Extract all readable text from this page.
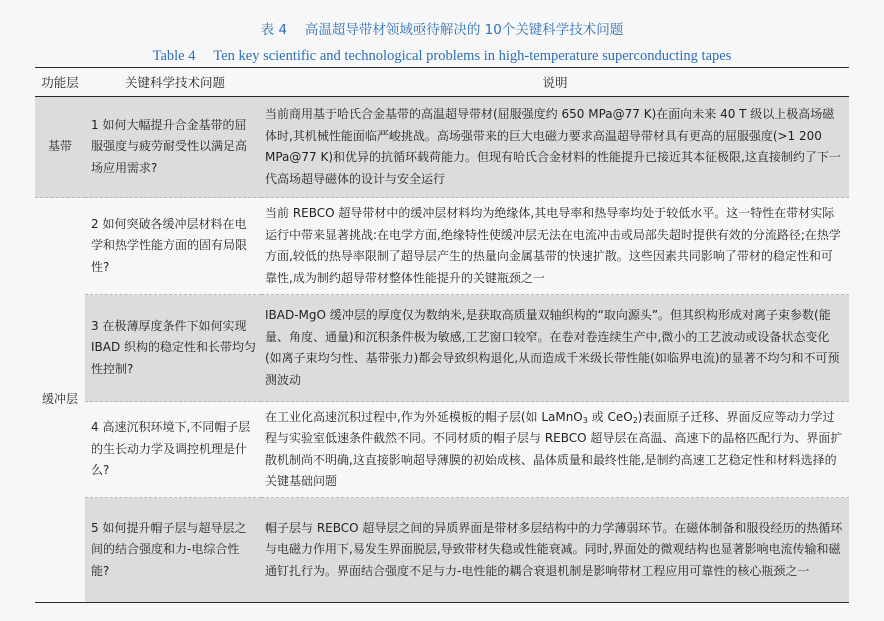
表 4　 高温超导带材领域亟待解决的 10个关键科学技术问题
Table 4　 Ten key scientific and technological problems in high-temperature superconducting tapes
功能层	关键科学技术问题	说明
基带	1 如何大幅提升合金基带的屈服强度与疲劳耐受性以满足高场应用需求?	当前商用基于哈氏合金基带的高温超导带材(屈服强度约 650 MPa@77 K)在面向未来 40 T 级以上极高场磁体时,其机械性能面临严峻挑战。高场强带来的巨大电磁力要求高温超导带材具有更高的屈服强度(>1 200 MPa@77 K)和优异的抗循环载荷能力。但现有哈氏合金材料的性能提升已接近其本征极限,这直接制约了下一代高场超导磁体的设计与安全运行
缓冲层	2 如何突破各缓冲层材料在电学和热学性能方面的固有局限性?	当前 REBCO 超导带材中的缓冲层材料均为绝缘体,其电导率和热导率均处于较低水平。这一特性在带材实际运行中带来显著挑战:在电学方面,绝缘特性使缓冲层无法在电流冲击或局部失超时提供有效的分流路径;在热学方面,较低的热导率限制了超导层产生的热量向金属基带的快速扩散。这些因素共同影响了带材的稳定性和可靠性,成为制约超导带材整体性能提升的关键瓶颈之一
	3 在极薄厚度条件下如何实现 IBAD 织构的稳定性和长带均匀性控制?	IBAD-MgO 缓冲层的厚度仅为数纳米,是获取高质量双轴织构的“取向源头”。但其织构形成对离子束参数(能量、角度、通量)和沉积条件极为敏感,工艺窗口较窄。在卷对卷连续生产中,微小的工艺波动或设备状态变化(如离子束均匀性、基带张力)都会导致织构退化,从而造成千米级长带性能(如临界电流)的显著不均匀和不可预测波动
	4 高速沉积环境下,不同帽子层的生长动力学及调控机理是什么?	在工业化高速沉积过程中,作为外延模板的帽子层(如 LaMnO$_3$ 或 CeO$_2$)表面原子迁移、界面反应等动力学过程与实验室低速条件截然不同。不同材质的帽子层与 REBCO 超导层在高温、高速下的晶格匹配行为、界面扩散机制尚不明确,这直接影响超导薄膜的初始成核、晶体质量和最终性能,是制约高速工艺稳定性和材料选择的关键基础问题
	5 如何提升帽子层与超导层之间的结合强度和力-电综合性能?	帽子层与 REBCO 超导层之间的异质界面是带材多层结构中的力学薄弱环节。在磁体制备和服役经历的热循环与电磁力作用下,易发生界面脱层,导致带材失稳或性能衰减。同时,界面处的微观结构也显著影响电流传输和磁通钉扎行为。界面结合强度不足与力-电性能的耦合衰退机制是影响带材工程应用可靠性的核心瓶颈之一
